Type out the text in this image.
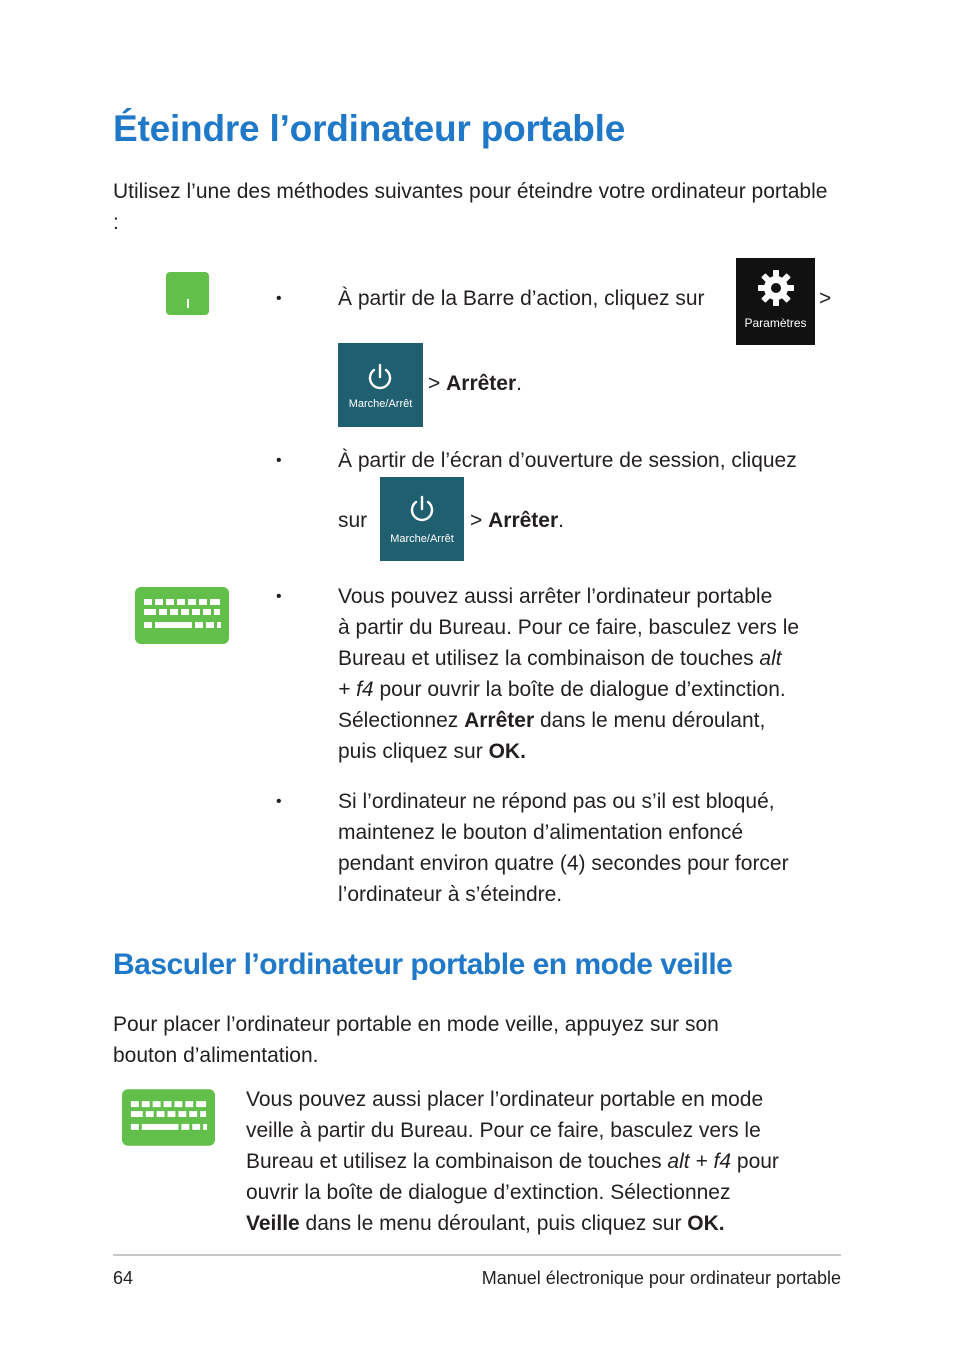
Éteindre l’ordinateur portable
Utilisez l’une des méthodes suivantes pour éteindre votre ordinateur portable :
•	À partir de la Barre d’action, cliquez sur
Paramètres
>
Marche/Arrêt
> Arrêter.
•	À partir de l’écran d’ouverture de session, cliquez
sur
Marche/Arrêt
> Arrêter.
•	Vous pouvez aussi arrêter l’ordinateur portable
à partir du Bureau. Pour ce faire, basculez vers le
Bureau et utilisez la combinaison de touches alt
+ f4 pour ouvrir la boîte de dialogue d’extinction.
Sélectionnez Arrêter dans le menu déroulant,
puis cliquez sur OK.
•	Si l’ordinateur ne répond pas ou s’il est bloqué,
maintenez le bouton d’alimentation enfoncé
pendant environ quatre (4) secondes pour forcer
l’ordinateur à s’éteindre.
Basculer l’ordinateur portable en mode veille
Pour placer l’ordinateur portable en mode veille, appuyez sur son
bouton d’alimentation.
Vous pouvez aussi placer l’ordinateur portable en mode
veille à partir du Bureau. Pour ce faire, basculez vers le
Bureau et utilisez la combinaison de touches alt + f4 pour
ouvrir la boîte de dialogue d’extinction. Sélectionnez
Veille dans le menu déroulant, puis cliquez sur OK.
64	Manuel électronique pour ordinateur portable
